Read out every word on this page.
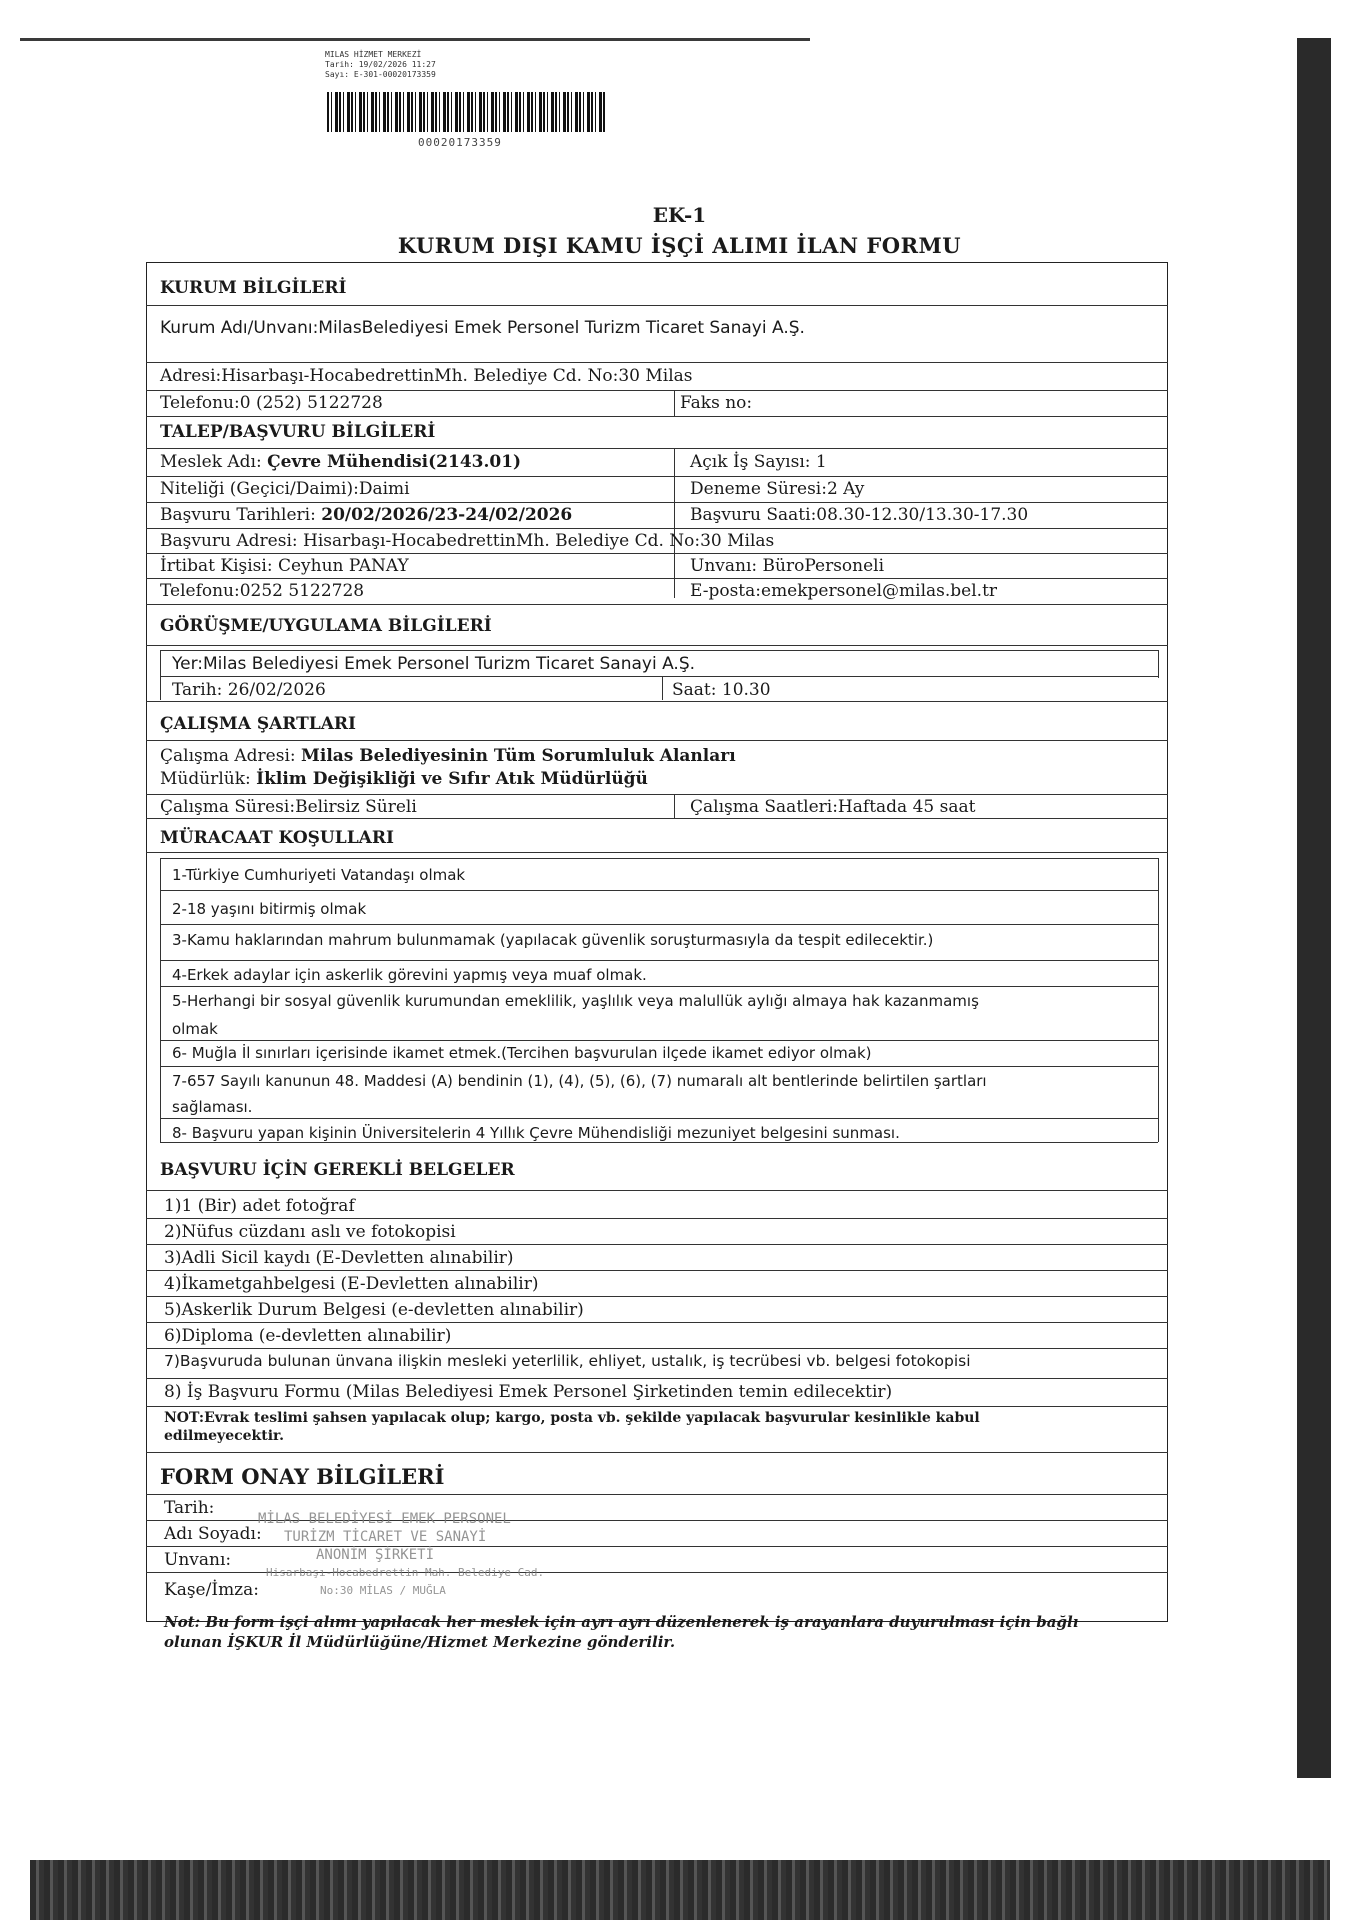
MILAS HİZMET MERKEZİ
Tarih: 19/02/2026 11:27
Sayı: E-301-00020173359
00020173359
EK-1
KURUM DIŞI KAMU İŞÇİ ALIMI İLAN FORMU
KURUM BİLGİLERİ
Kurum Adı/Unvanı:MilasBelediyesi Emek Personel Turizm Ticaret Sanayi A.Ş.
Adresi:Hisarbaşı-HocabedrettinMh. Belediye Cd. No:30 Milas
Telefonu:0 (252) 5122728	Faks no:
TALEP/BAŞVURU BİLGİLERİ
Meslek Adı: Çevre Mühendisi(2143.01)	Açık İş Sayısı: 1
Niteliği (Geçici/Daimi):Daimi	Deneme Süresi:2 Ay
Başvuru Tarihleri: 20/02/2026/23-24/02/2026	Başvuru Saati:08.30-12.30/13.30-17.30
Başvuru Adresi: Hisarbaşı-HocabedrettinMh. Belediye Cd. No:30 Milas
İrtibat Kişisi: Ceyhun PANAY	Unvanı: BüroPersoneli
Telefonu:0252 5122728	E-posta:emekpersonel@milas.bel.tr
GÖRÜŞME/UYGULAMA BİLGİLERİ
Yer:Milas Belediyesi Emek Personel Turizm Ticaret Sanayi A.Ş.
Tarih: 26/02/2026	Saat: 10.30
ÇALIŞMA ŞARTLARI
Çalışma Adresi: Milas Belediyesinin Tüm Sorumluluk Alanları
Müdürlük: İklim Değişikliği ve Sıfır Atık Müdürlüğü
Çalışma Süresi:Belirsiz Süreli	Çalışma Saatleri:Haftada 45 saat
MÜRACAAT KOŞULLARI
1-Türkiye Cumhuriyeti Vatandaşı olmak
2-18 yaşını bitirmiş olmak
3-Kamu haklarından mahrum bulunmamak (yapılacak güvenlik soruşturmasıyla da tespit edilecektir.)
4-Erkek adaylar için askerlik görevini yapmış veya muaf olmak.
5-Herhangi bir sosyal güvenlik kurumundan emeklilik, yaşlılık veya malullük aylığı almaya hak kazanmamış
olmak
6- Muğla İl sınırları içerisinde ikamet etmek.(Tercihen başvurulan ilçede ikamet ediyor olmak)
7-657 Sayılı kanunun 48. Maddesi (A) bendinin (1), (4), (5), (6), (7) numaralı alt bentlerinde belirtilen şartları
sağlaması.
8- Başvuru yapan kişinin Üniversitelerin 4 Yıllık Çevre Mühendisliği mezuniyet belgesini sunması.
BAŞVURU İÇİN GEREKLİ BELGELER
1)1 (Bir) adet fotoğraf
2)Nüfus cüzdanı aslı ve fotokopisi
3)Adli Sicil kaydı (E-Devletten alınabilir)
4)İkametgahbelgesi (E-Devletten alınabilir)
5)Askerlik Durum Belgesi (e-devletten alınabilir)
6)Diploma (e-devletten alınabilir)
7)Başvuruda bulunan ünvana ilişkin mesleki yeterlilik, ehliyet, ustalık, iş tecrübesi vb. belgesi fotokopisi
8) İş Başvuru Formu (Milas Belediyesi Emek Personel Şirketinden temin edilecektir)
NOT:Evrak teslimi şahsen yapılacak olup; kargo, posta vb. şekilde yapılacak başvurular kesinlikle kabul
edilmeyecektir.
FORM ONAY BİLGİLERİ
Tarih:
Adı Soyadı:
Unvanı:
Kaşe/İmza:
MİLAS BELEDİYESİ EMEK PERSONEL
TURİZM TİCARET VE SANAYİ
ANONİM ŞİRKETİ
Hisarbaşı-Hocabedrettin Mah. Belediye Cad.
No:30 MİLAS / MUĞLA
Not: Bu form işçi alımı yapılacak her meslek için ayrı ayrı düzenlenerek iş arayanlara duyurulması için bağlı
olunan İŞKUR İl Müdürlüğüne/Hizmet Merkezine gönderilir.
